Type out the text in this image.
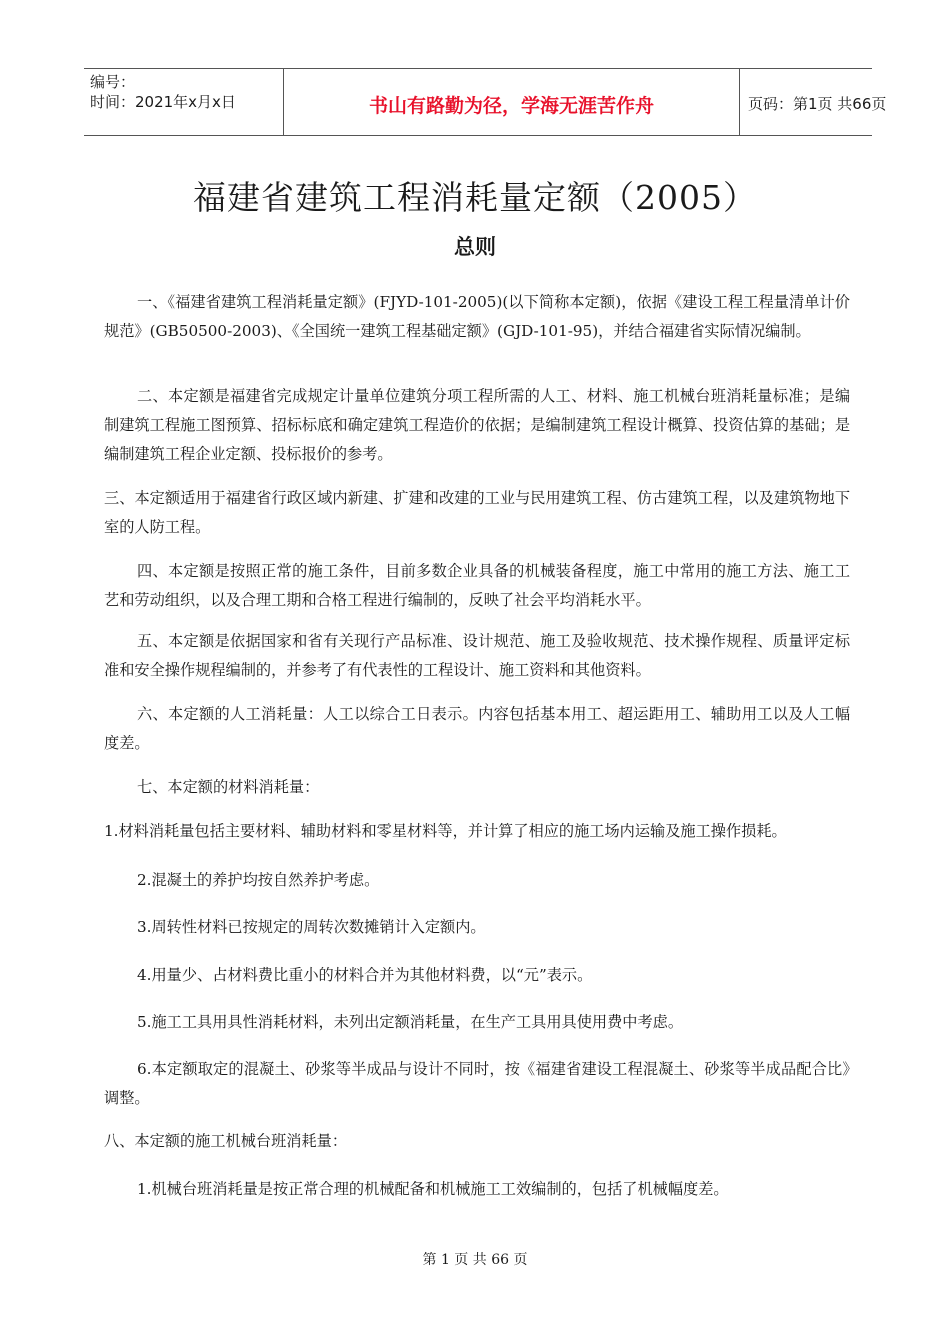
编号：
时间：2021年x月x日	书山有路勤为径，学海无涯苦作舟	页码：第1页 共66页
福建省建筑工程消耗量定额（2005）
总则

一、《福建省建筑工程消耗量定额》(FJYD-101-2005)(以下简称本定额)，依据《建设工程工程量清单计价规范》(GB50500-2003)、《全国统一建筑工程基础定额》(GJD-101-95)，并结合福建省实际情况编制。

二、本定额是福建省完成规定计量单位建筑分项工程所需的人工、材料、施工机械台班消耗量标准；是编制建筑工程施工图预算、招标标底和确定建筑工程造价的依据；是编制建筑工程设计概算、投资估算的基础；是编制建筑工程企业定额、投标报价的参考。

三、本定额适用于福建省行政区域内新建、扩建和改建的工业与民用建筑工程、仿古建筑工程，以及建筑物地下室的人防工程。

四、本定额是按照正常的施工条件，目前多数企业具备的机械装备程度，施工中常用的施工方法、施工工艺和劳动组织，以及合理工期和合格工程进行编制的，反映了社会平均消耗水平。

五、本定额是依据国家和省有关现行产品标准、设计规范、施工及验收规范、技术操作规程、质量评定标准和安全操作规程编制的，并参考了有代表性的工程设计、施工资料和其他资料。

六、本定额的人工消耗量：人工以综合工日表示。内容包括基本用工、超运距用工、辅助用工以及人工幅度差。

七、本定额的材料消耗量：

1.材料消耗量包括主要材料、辅助材料和零星材料等，并计算了相应的施工场内运输及施工操作损耗。

2.混凝土的养护均按自然养护考虑。

3.周转性材料已按规定的周转次数摊销计入定额内。

4.用量少、占材料费比重小的材料合并为其他材料费，以“元”表示。

5.施工工具用具性消耗材料，未列出定额消耗量，在生产工具用具使用费中考虑。

6.本定额取定的混凝土、砂浆等半成品与设计不同时，按《福建省建设工程混凝土、砂浆等半成品配合比》调整。

八、本定额的施工机械台班消耗量：

1.机械台班消耗量是按正常合理的机械配备和机械施工工效编制的，包括了机械幅度差。

第 1 页 共 66 页
